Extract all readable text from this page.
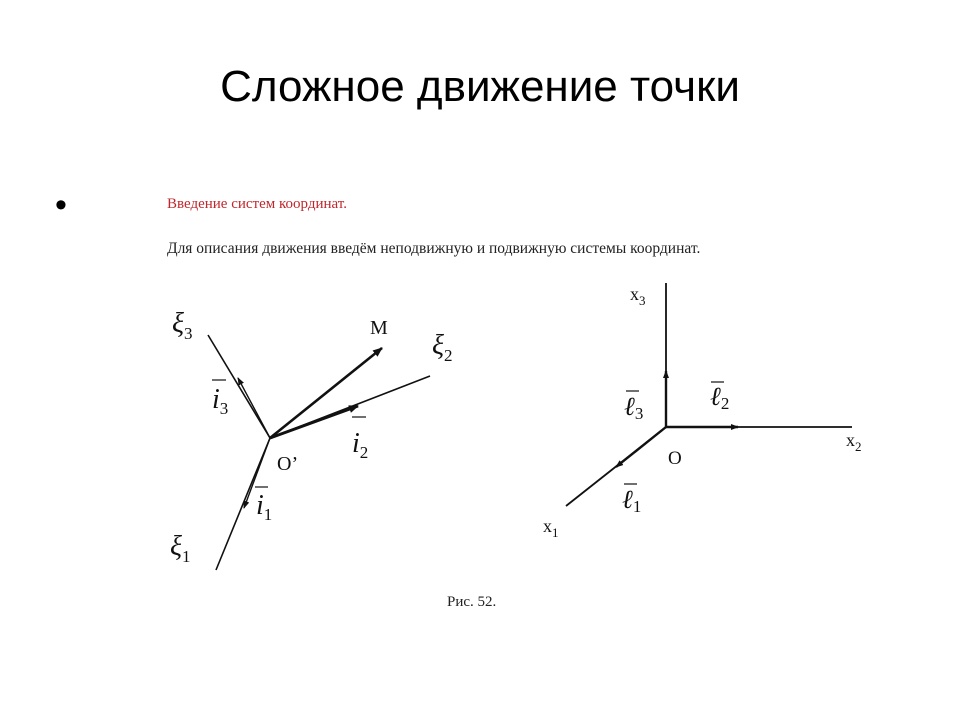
Сложное движение точки
•	Введение систем координат.
Для описания движения введём неподвижную и подвижную системы координат.
$\xi_3$	$\xi_2$
$\xi_1$
M
O’
$i_3$
$i_2$
$i_1$
$x_3$
$x_2$
$x_1$
O
ℓ3
ℓ2
ℓ1
Рис. 52.
